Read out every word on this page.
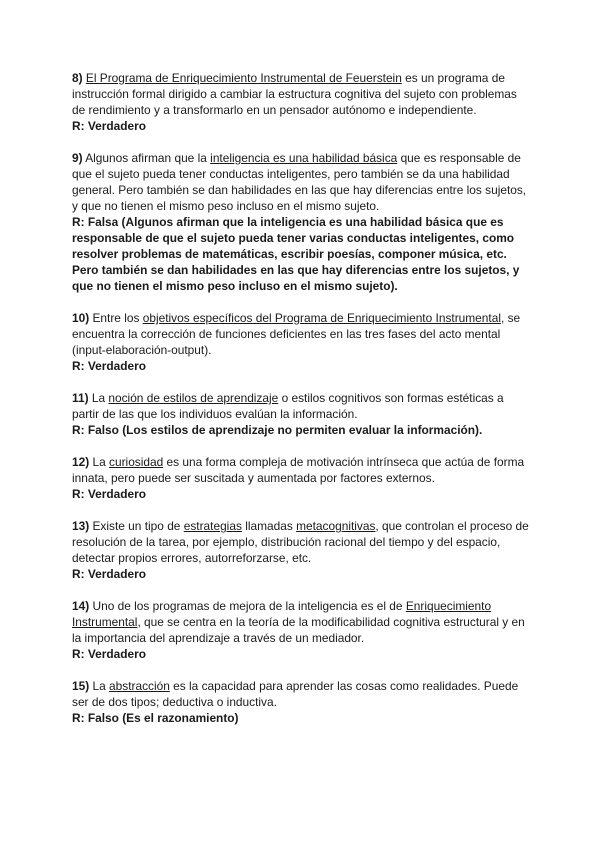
8) El Programa de Enriquecimiento Instrumental de Feuerstein es un programa de instrucción formal dirigido a cambiar la estructura cognitiva del sujeto con problemas de rendimiento y a transformarlo en un pensador autónomo e independiente.

R: Verdadero

9) Algunos afirman que la inteligencia es una habilidad básica que es responsable de que el sujeto pueda tener conductas inteligentes, pero también se da una habilidad general. Pero también se dan habilidades en las que hay diferencias entre los sujetos, y que no tienen el mismo peso incluso en el mismo sujeto.

R: Falsa (Algunos afirman que la inteligencia es una habilidad básica que es responsable de que el sujeto pueda tener varias conductas inteligentes, como resolver problemas de matemáticas, escribir poesías, componer música, etc. Pero también se dan habilidades en las que hay diferencias entre los sujetos, y que no tienen el mismo peso incluso en el mismo sujeto).

10) Entre los objetivos específicos del Programa de Enriquecimiento Instrumental, se encuentra la corrección de funciones deficientes en las tres fases del acto mental (input-elaboración-output).

R: Verdadero

11) La noción de estilos de aprendizaje o estilos cognitivos son formas estéticas a partir de las que los individuos evalúan la información.

R: Falso (Los estilos de aprendizaje no permiten evaluar la información).

12) La curiosidad es una forma compleja de motivación intrínseca que actúa de forma innata, pero puede ser suscitada y aumentada por factores externos.

R: Verdadero

13) Existe un tipo de estrategias llamadas metacognitivas, que controlan el proceso de resolución de la tarea, por ejemplo, distribución racional del tiempo y del espacio, detectar propios errores, autorreforzarse, etc.

R: Verdadero

14) Uno de los programas de mejora de la inteligencia es el de Enriquecimiento Instrumental, que se centra en la teoría de la modificabilidad cognitiva estructural y en la importancia del aprendizaje a través de un mediador.

R: Verdadero

15) La abstracción es la capacidad para aprender las cosas como realidades. Puede ser de dos tipos; deductiva o inductiva.

R: Falso (Es el razonamiento)
